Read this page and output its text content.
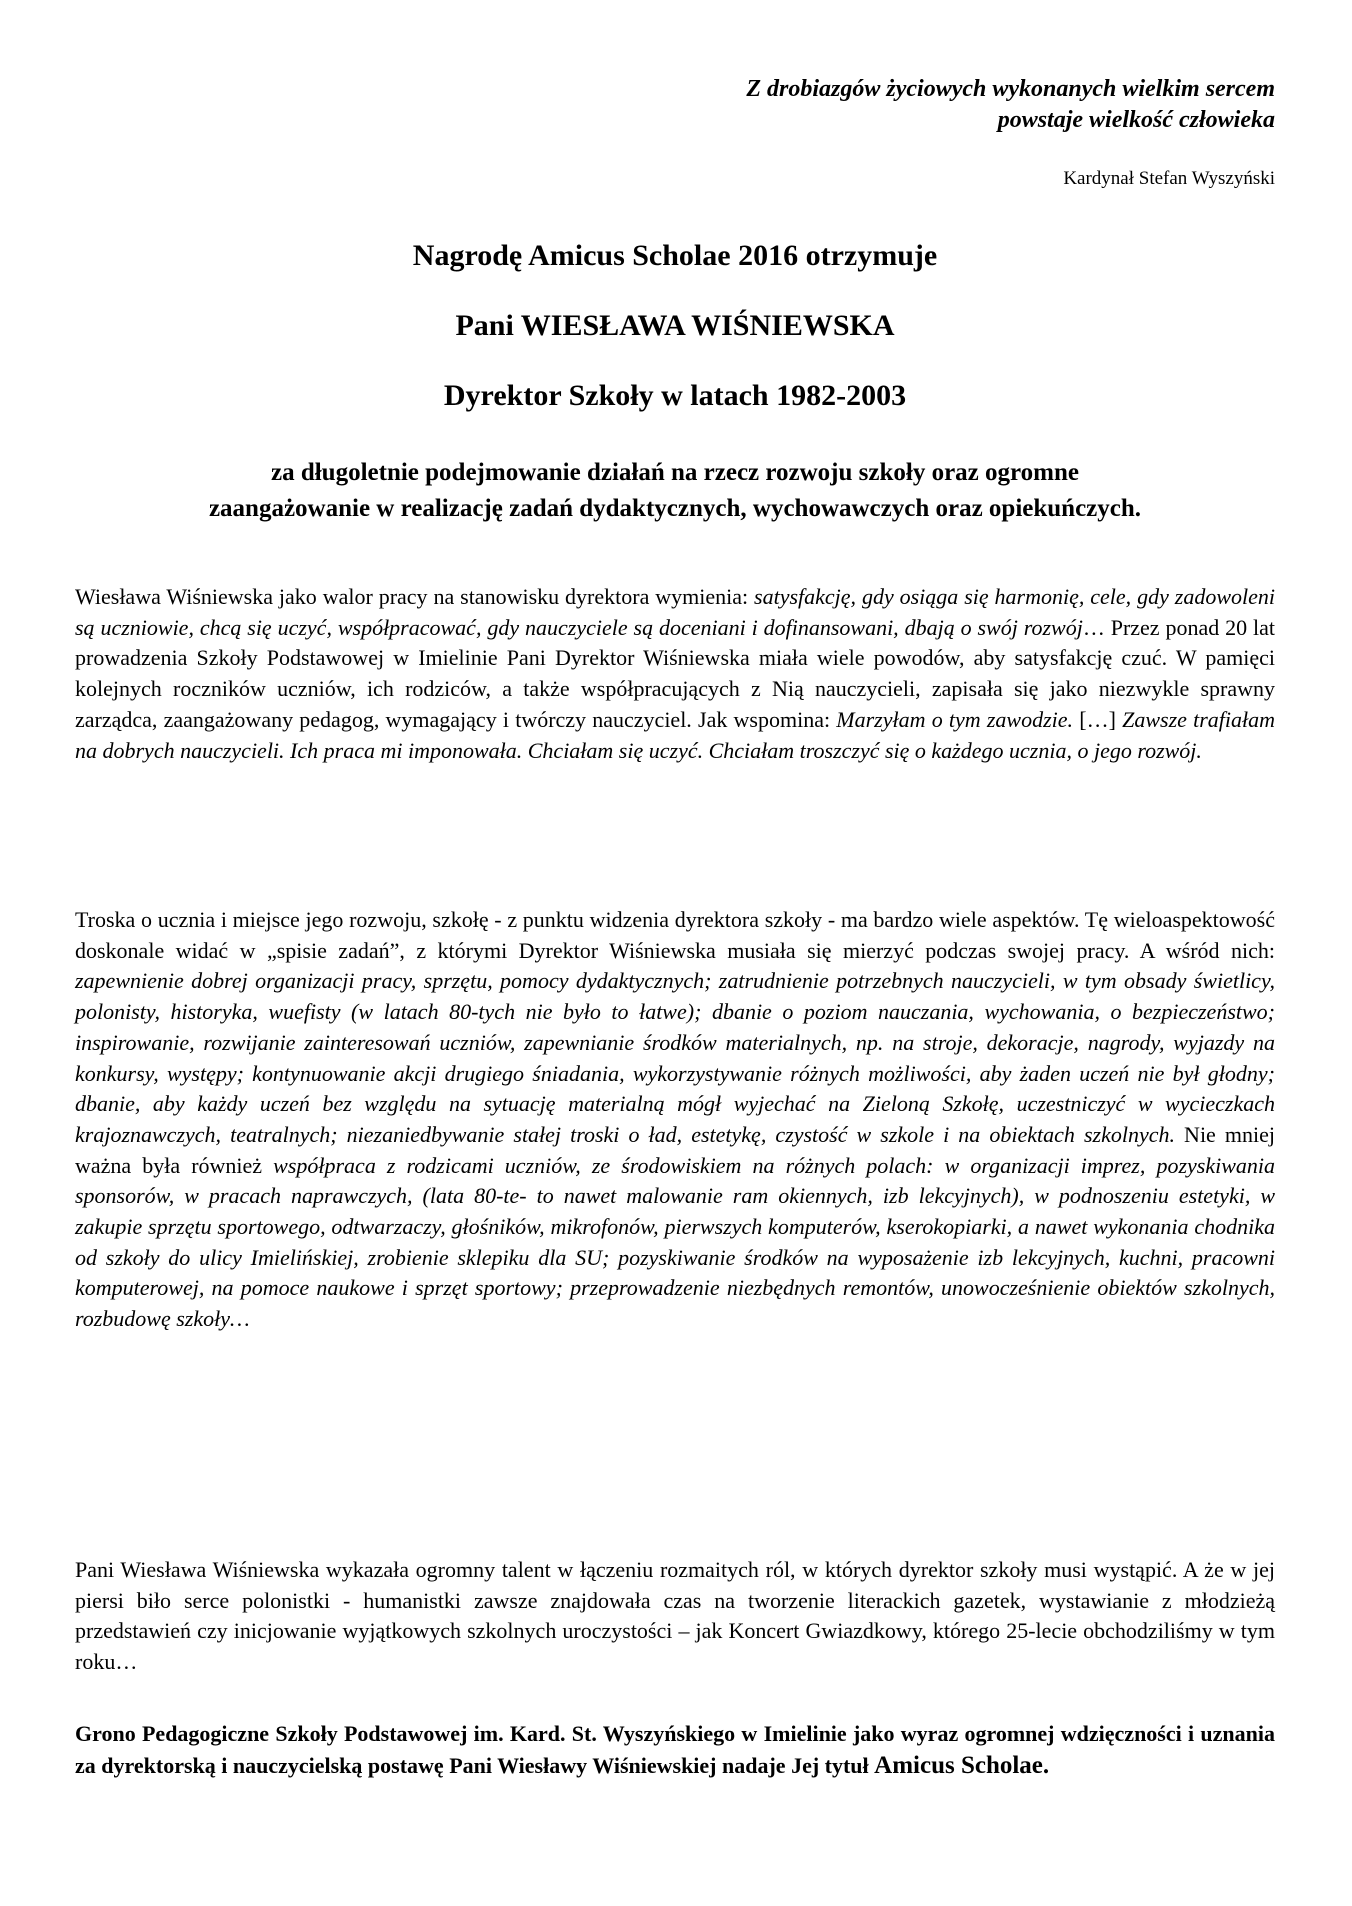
Z drobiazgów życiowych wykonanych wielkim sercem
powstaje wielkość człowieka
Kardynał Stefan Wyszyński
Nagrodę Amicus Scholae 2016 otrzymuje
Pani WIESŁAWA WIŚNIEWSKA
Dyrektor Szkoły w latach 1982-2003
za długoletnie podejmowanie działań na rzecz rozwoju szkoły oraz ogromne
zaangażowanie w realizację zadań dydaktycznych, wychowawczych oraz opiekuńczych.

Wiesława Wiśniewska jako walor pracy na stanowisku dyrektora wymienia: satysfakcję, gdy osiąga się harmonię, cele, gdy zadowoleni są uczniowie, chcą się uczyć, współpracować, gdy nauczyciele są doceniani i dofinansowani, dbają o swój rozwój… Przez ponad 20 lat prowadzenia Szkoły Podstawowej w Imielinie Pani Dyrektor Wiśniewska miała wiele powodów, aby satysfakcję czuć. W pamięci kolejnych roczników uczniów, ich rodziców, a także współpracujących z Nią nauczycieli, zapisała się jako niezwykle sprawny zarządca, zaangażowany pedagog, wymagający i twórczy nauczyciel. Jak wspomina: Marzyłam o tym zawodzie. […] Zawsze trafiałam na dobrych nauczycieli. Ich praca mi imponowała. Chciałam się uczyć. Chciałam troszczyć się o każdego ucznia, o jego rozwój.

Troska o ucznia i miejsce jego rozwoju, szkołę - z punktu widzenia dyrektora szkoły - ma bardzo wiele aspektów. Tę wieloaspektowość doskonale widać w „spisie zadań”, z którymi Dyrektor Wiśniewska musiała się mierzyć podczas swojej pracy. A wśród nich: zapewnienie dobrej organizacji pracy, sprzętu, pomocy dydaktycznych; zatrudnienie potrzebnych nauczycieli, w tym obsady świetlicy, polonisty, historyka, wuefisty (w latach 80-tych nie było to łatwe); dbanie o poziom nauczania, wychowania, o bezpieczeństwo; inspirowanie, rozwijanie zainteresowań uczniów, zapewnianie środków materialnych, np. na stroje, dekoracje, nagrody, wyjazdy na konkursy, występy; kontynuowanie akcji drugiego śniadania, wykorzystywanie różnych możliwości, aby żaden uczeń nie był głodny; dbanie, aby każdy uczeń bez względu na sytuację materialną mógł wyjechać na Zieloną Szkołę, uczestniczyć w wycieczkach krajoznawczych, teatralnych; niezaniedbywanie stałej troski o ład, estetykę, czystość w szkole i na obiektach szkolnych. Nie mniej ważna była również współpraca z rodzicami uczniów, ze środowiskiem na różnych polach: w organizacji imprez, pozyskiwania sponsorów, w pracach naprawczych, (lata 80-te- to nawet malowanie ram okiennych, izb lekcyjnych), w podnoszeniu estetyki, w zakupie sprzętu sportowego, odtwarzaczy, głośników, mikrofonów, pierwszych komputerów, kserokopiarki, a nawet wykonania chodnika od szkoły do ulicy Imielińskiej, zrobienie sklepiku dla SU; pozyskiwanie środków na wyposażenie izb lekcyjnych, kuchni, pracowni komputerowej, na pomoce naukowe i sprzęt sportowy; przeprowadzenie niezbędnych remontów, unowocześnienie obiektów szkolnych, rozbudowę szkoły…

Pani Wiesława Wiśniewska wykazała ogromny talent w łączeniu rozmaitych ról, w których dyrektor szkoły musi wystąpić. A że w jej piersi biło serce polonistki - humanistki zawsze znajdowała czas na tworzenie literackich gazetek, wystawianie z młodzieżą przedstawień czy inicjowanie wyjątkowych szkolnych uroczystości – jak Koncert Gwiazdkowy, którego 25-lecie obchodziliśmy w tym roku…

Grono Pedagogiczne Szkoły Podstawowej im. Kard. St. Wyszyńskiego w Imielinie jako wyraz ogromnej wdzięczności i uznania za dyrektorską i nauczycielską postawę Pani Wiesławy Wiśniewskiej nadaje Jej tytuł Amicus Scholae.
